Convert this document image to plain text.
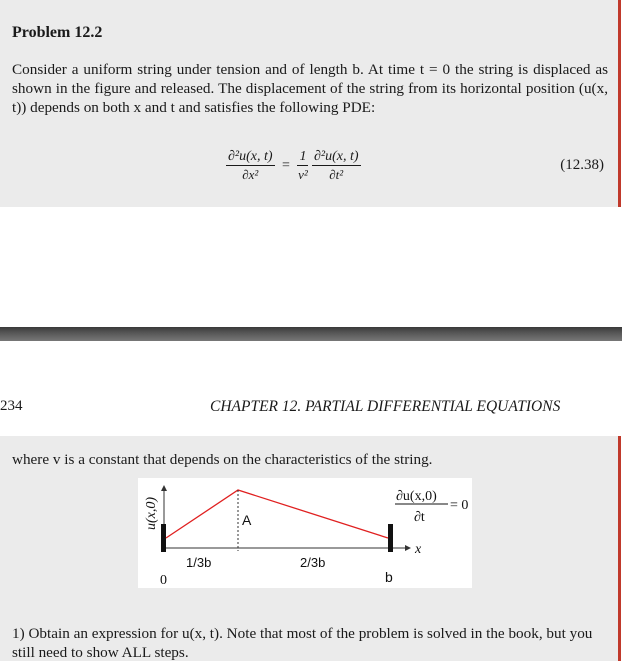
Problem 12.2
Consider a uniform string under tension and of length b. At time t = 0 the string is displaced as shown in the figure and released. The displacement of the string from its horizontal position (u(x, t)) depends on both x and t and satisfies the following PDE:
$\frac{\text{∂²u(x, t)}}{\text{∂x²}} = \frac{1}{\text{v²}}$
$\frac{\text{∂²u(x, t)}}{\text{∂t²}}$	(12.38)
234	CHAPTER 12. PARTIAL DIFFERENTIAL EQUATIONS
where v is a constant that depends on the characteristics of the string.
A
u(x,0)
0
1/3b	2/3b
b
x
∂u(x,0)
∂t
= 0
1) Obtain an expression for u(x, t). Note that most of the problem is solved in the book, but you still need to show ALL steps.
